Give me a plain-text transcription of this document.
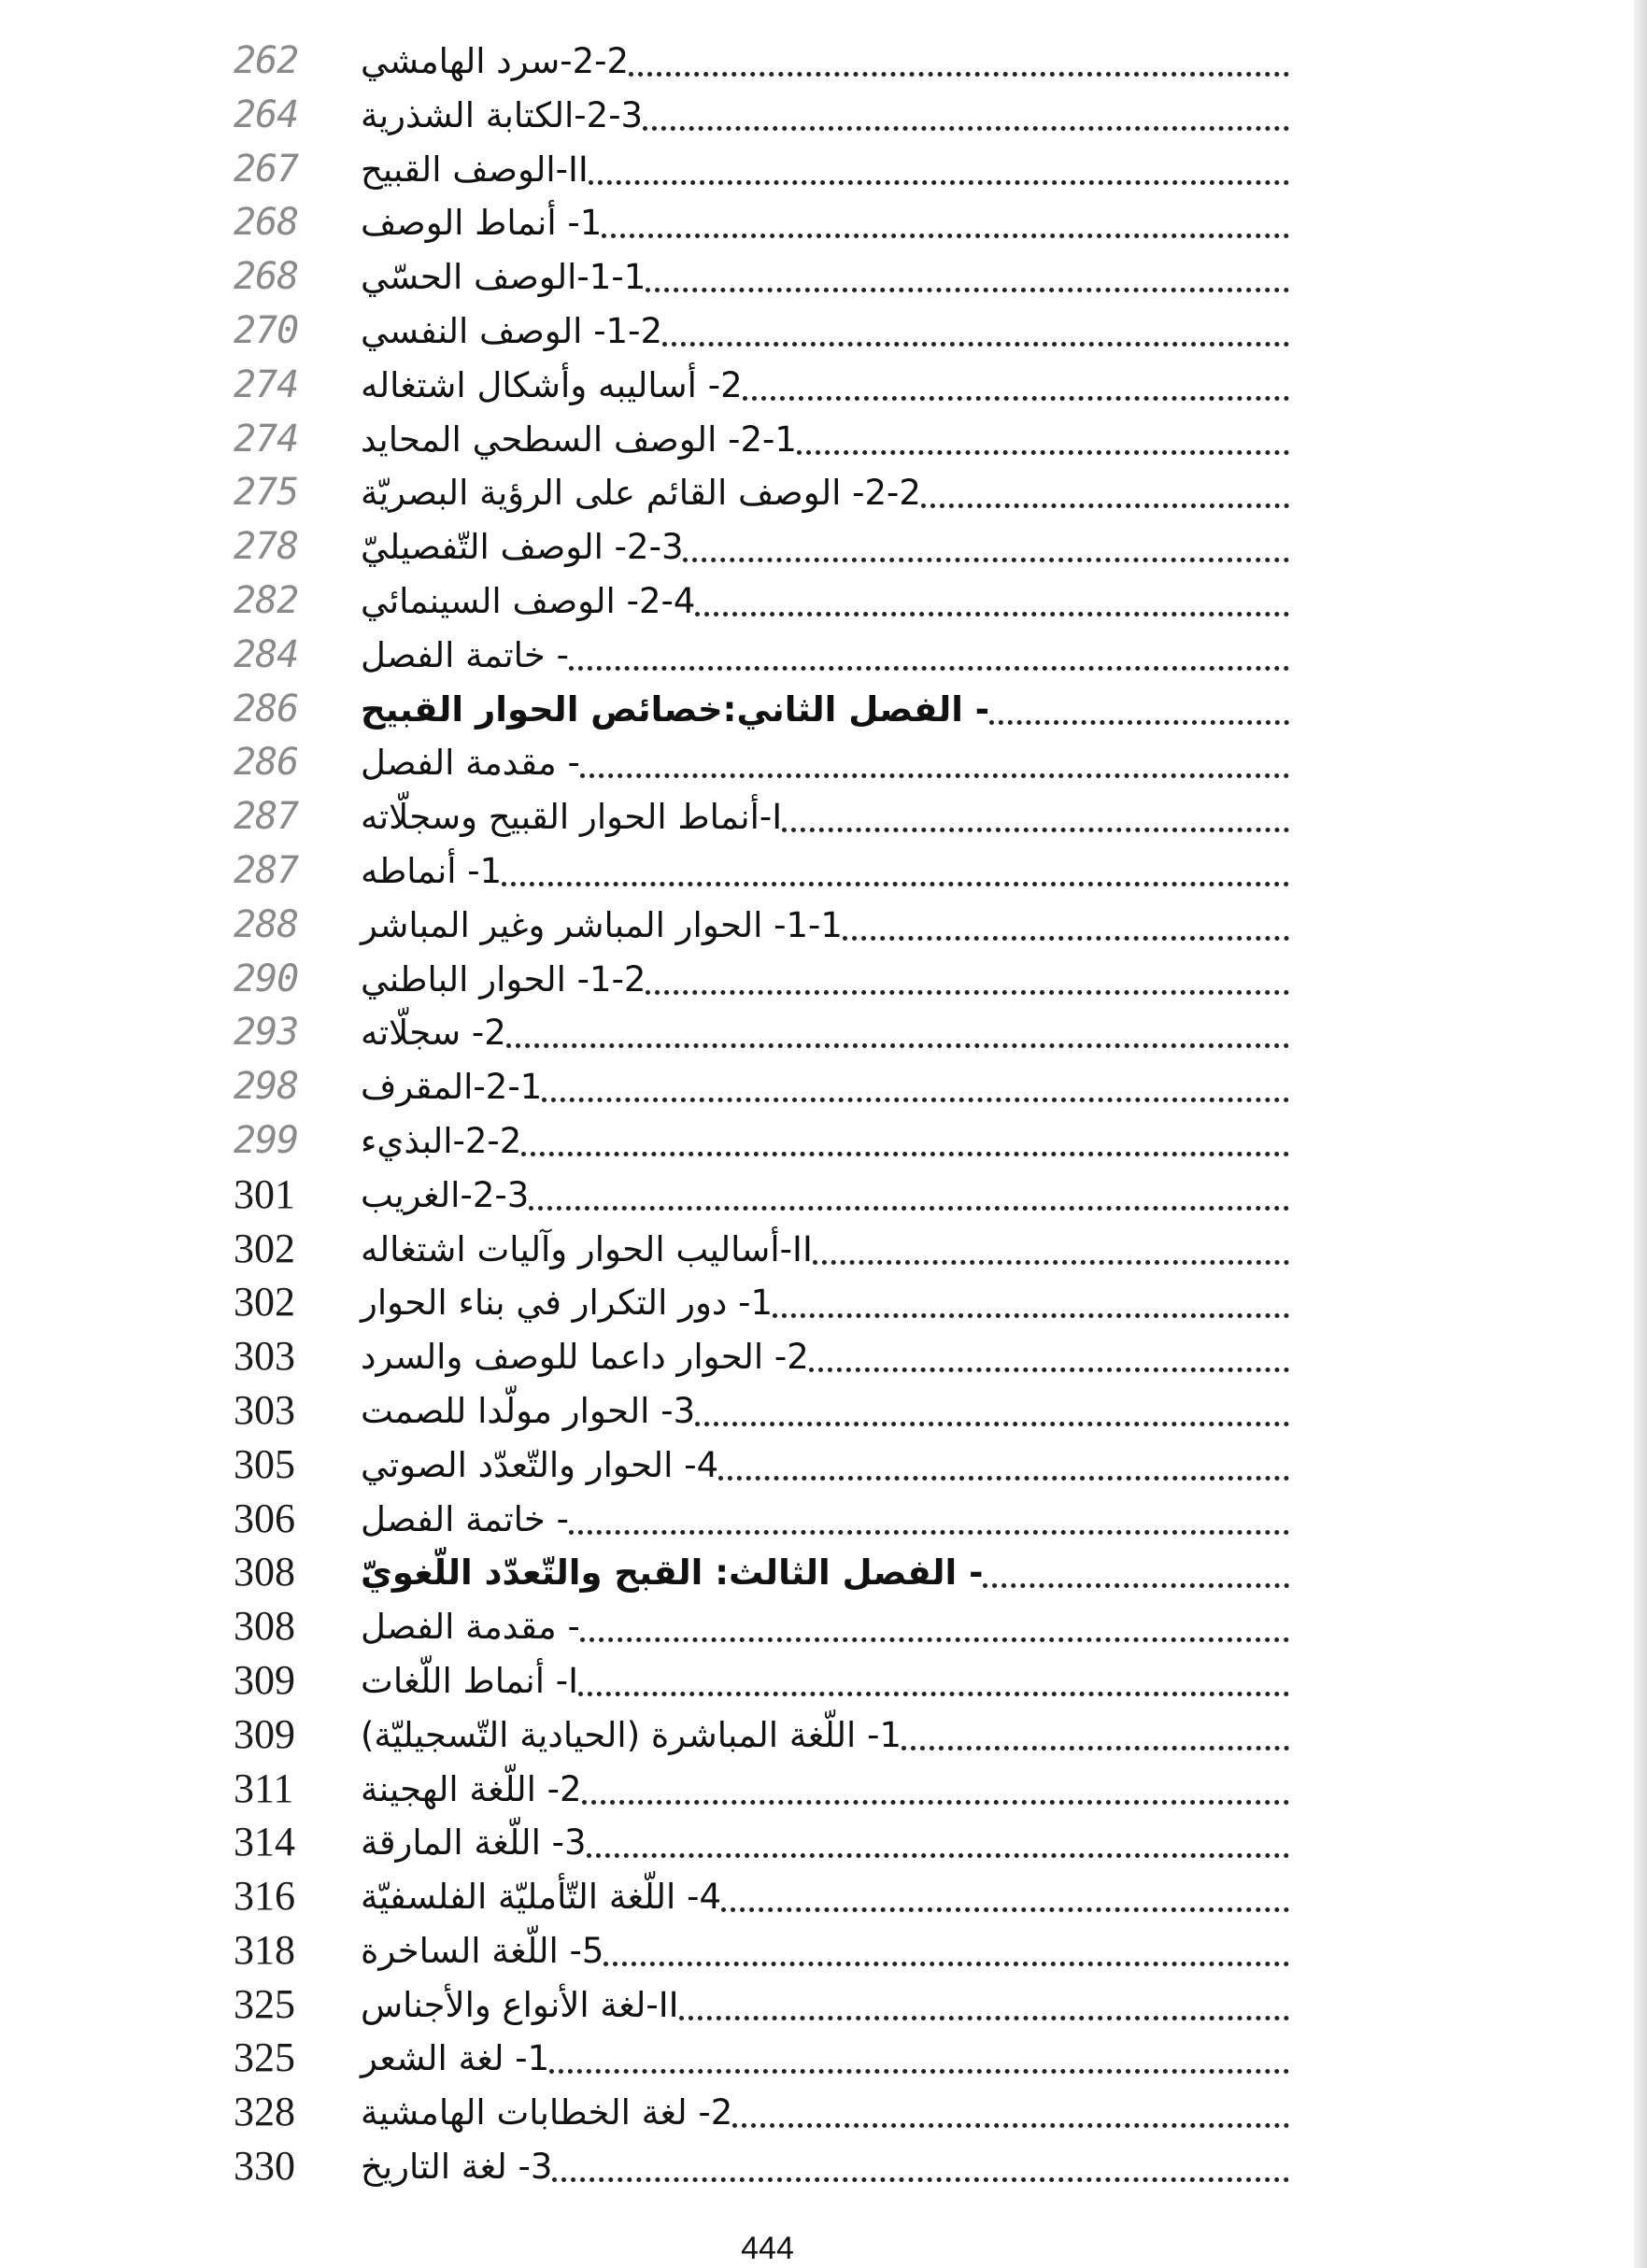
262	2-2-سرد الهامشي
264	2-3-الكتابة الشذرية
267	II-الوصف القبيح
268	1- أنماط الوصف
268	1-1-الوصف الحسّي
270	1-2- الوصف النفسي
274	2- أساليبه وأشكال اشتغاله
274	2-1- الوصف السطحي المحايد
275	2-2- الوصف القائم على الرؤية البصريّة
278	2-3- الوصف التّفصيليّ
282	2-4- الوصف السينمائي
284	- خاتمة الفصل
286	- الفصل الثاني:خصائص الحوار القبيح
286	- مقدمة الفصل
287	I-أنماط الحوار القبيح وسجلّاته
287	1- أنماطه
288	1-1- الحوار المباشر وغير المباشر
290	1-2- الحوار الباطني
293	2- سجلّاته
298	2-1-المقرف
299	2-2-البذيء
301	2-3-الغريب
302	II-أساليب الحوار وآليات اشتغاله
302	1- دور التكرار في بناء الحوار
303	2- الحوار داعما للوصف والسرد
303	3- الحوار مولّدا للصمت
305	4- الحوار والتّعدّد الصوتي
306	- خاتمة الفصل
308	- الفصل الثالث: القبح والتّعدّد اللّغويّ
308	- مقدمة الفصل
309	I- أنماط اللّغات
309	1- اللّغة المباشرة (الحيادية التّسجيليّة)
311	2- اللّغة الهجينة
314	3- اللّغة المارقة
316	4- اللّغة التّأمليّة الفلسفيّة
318	5- اللّغة الساخرة
325	II-لغة الأنواع والأجناس
325	1- لغة الشعر
328	2- لغة الخطابات الهامشية
330	3- لغة التاريخ
444
